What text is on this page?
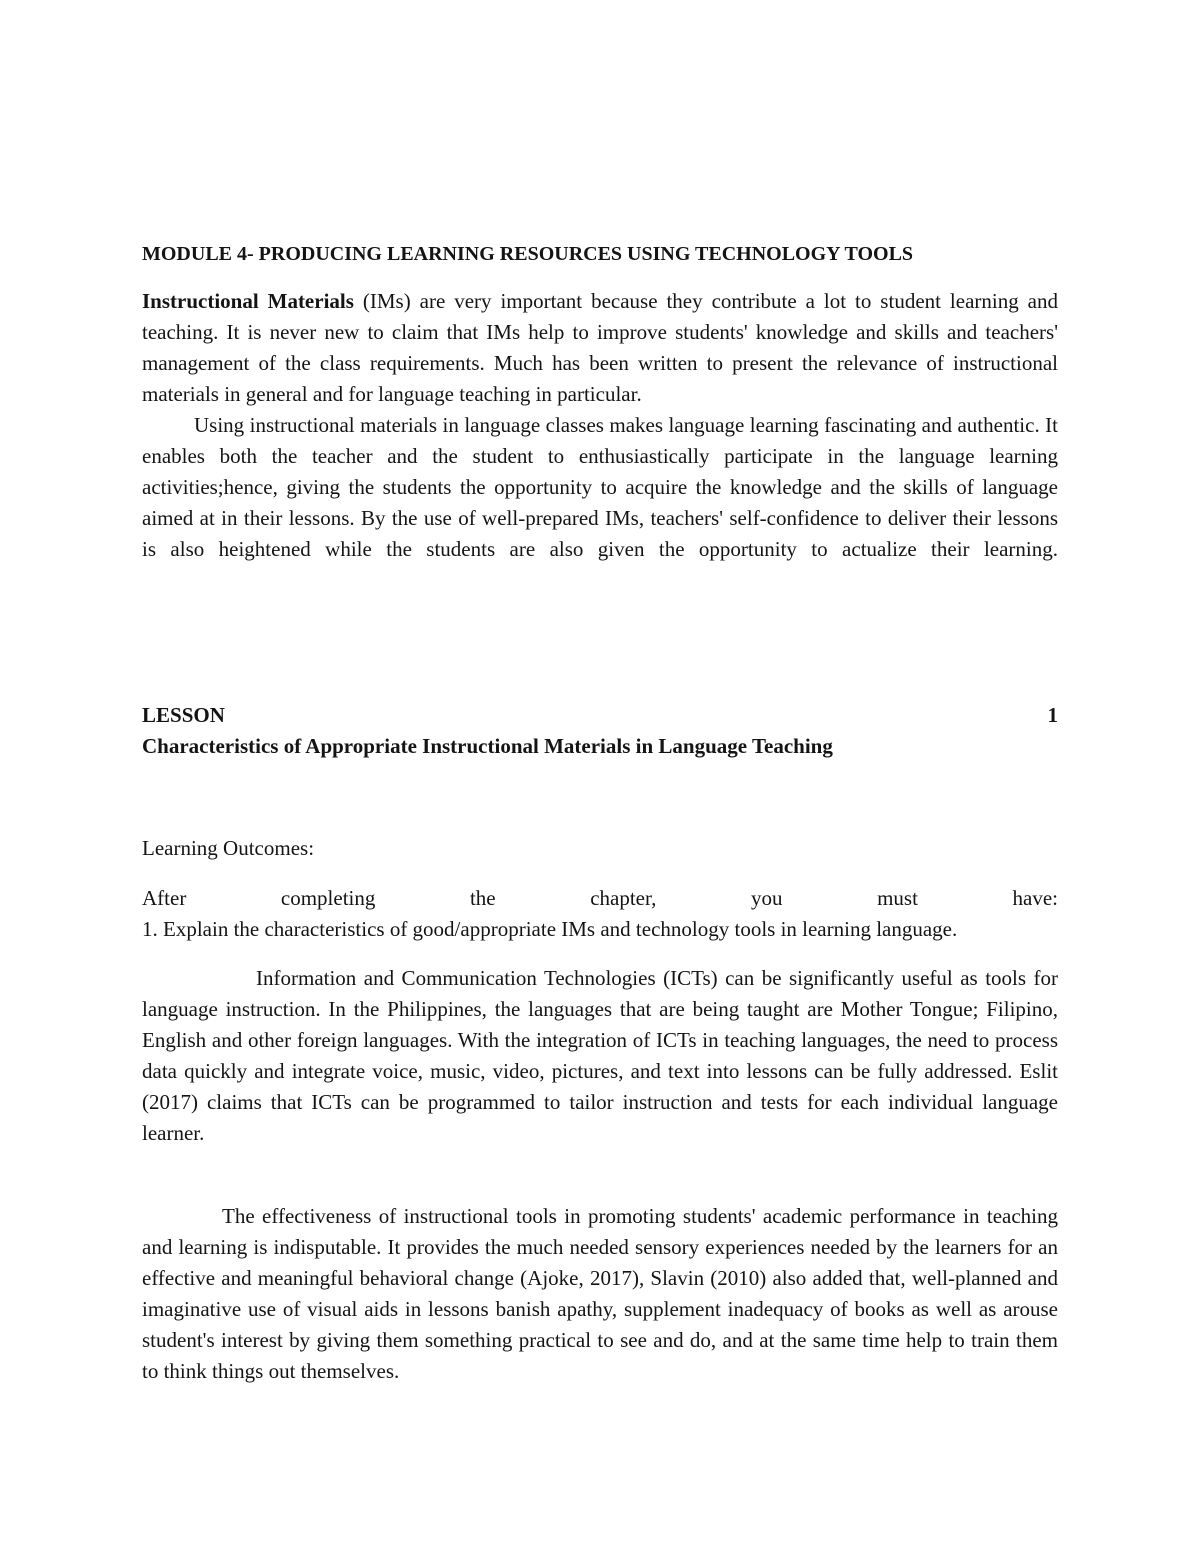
MODULE 4- PRODUCING LEARNING RESOURCES USING TECHNOLOGY TOOLS

Instructional Materials (IMs) are very important because they contribute a lot to student learning and teaching. It is never new to claim that IMs help to improve students' knowledge and skills and teachers' management of the class requirements. Much has been written to present the relevance of instructional materials in general and for language teaching in particular.

Using instructional materials in language classes makes language learning fascinating and authentic. It enables both the teacher and the student to enthusiastically participate in the language learning activities;hence, giving the students the opportunity to acquire the knowledge and the skills of language aimed at in their lessons. By the use of well-prepared IMs, teachers' self-confidence to deliver their lessons is also heightened while the students are also given the opportunity to actualize their learning.

LESSON	1
Characteristics of Appropriate Instructional Materials in Language Teaching
Learning Outcomes:

After completing the chapter, you must have:

1. Explain the characteristics of good/appropriate IMs and technology tools in learning language.

Information and Communication Technologies (ICTs) can be significantly useful as tools for language instruction. In the Philippines, the languages that are being taught are Mother Tongue; Filipino, English and other foreign languages. With the integration of ICTs in teaching languages, the need to process data quickly and integrate voice, music, video, pictures, and text into lessons can be fully addressed. Eslit (2017) claims that ICTs can be programmed to tailor instruction and tests for each individual language learner.

The effectiveness of instructional tools in promoting students' academic performance in teaching and learning is indisputable. It provides the much needed sensory experiences needed by the learners for an effective and meaningful behavioral change (Ajoke, 2017), Slavin (2010) also added that, well-planned and imaginative use of visual aids in lessons banish apathy, supplement inadequacy of books as well as arouse student's interest by giving them something practical to see and do, and at the same time help to train them to think things out themselves.
